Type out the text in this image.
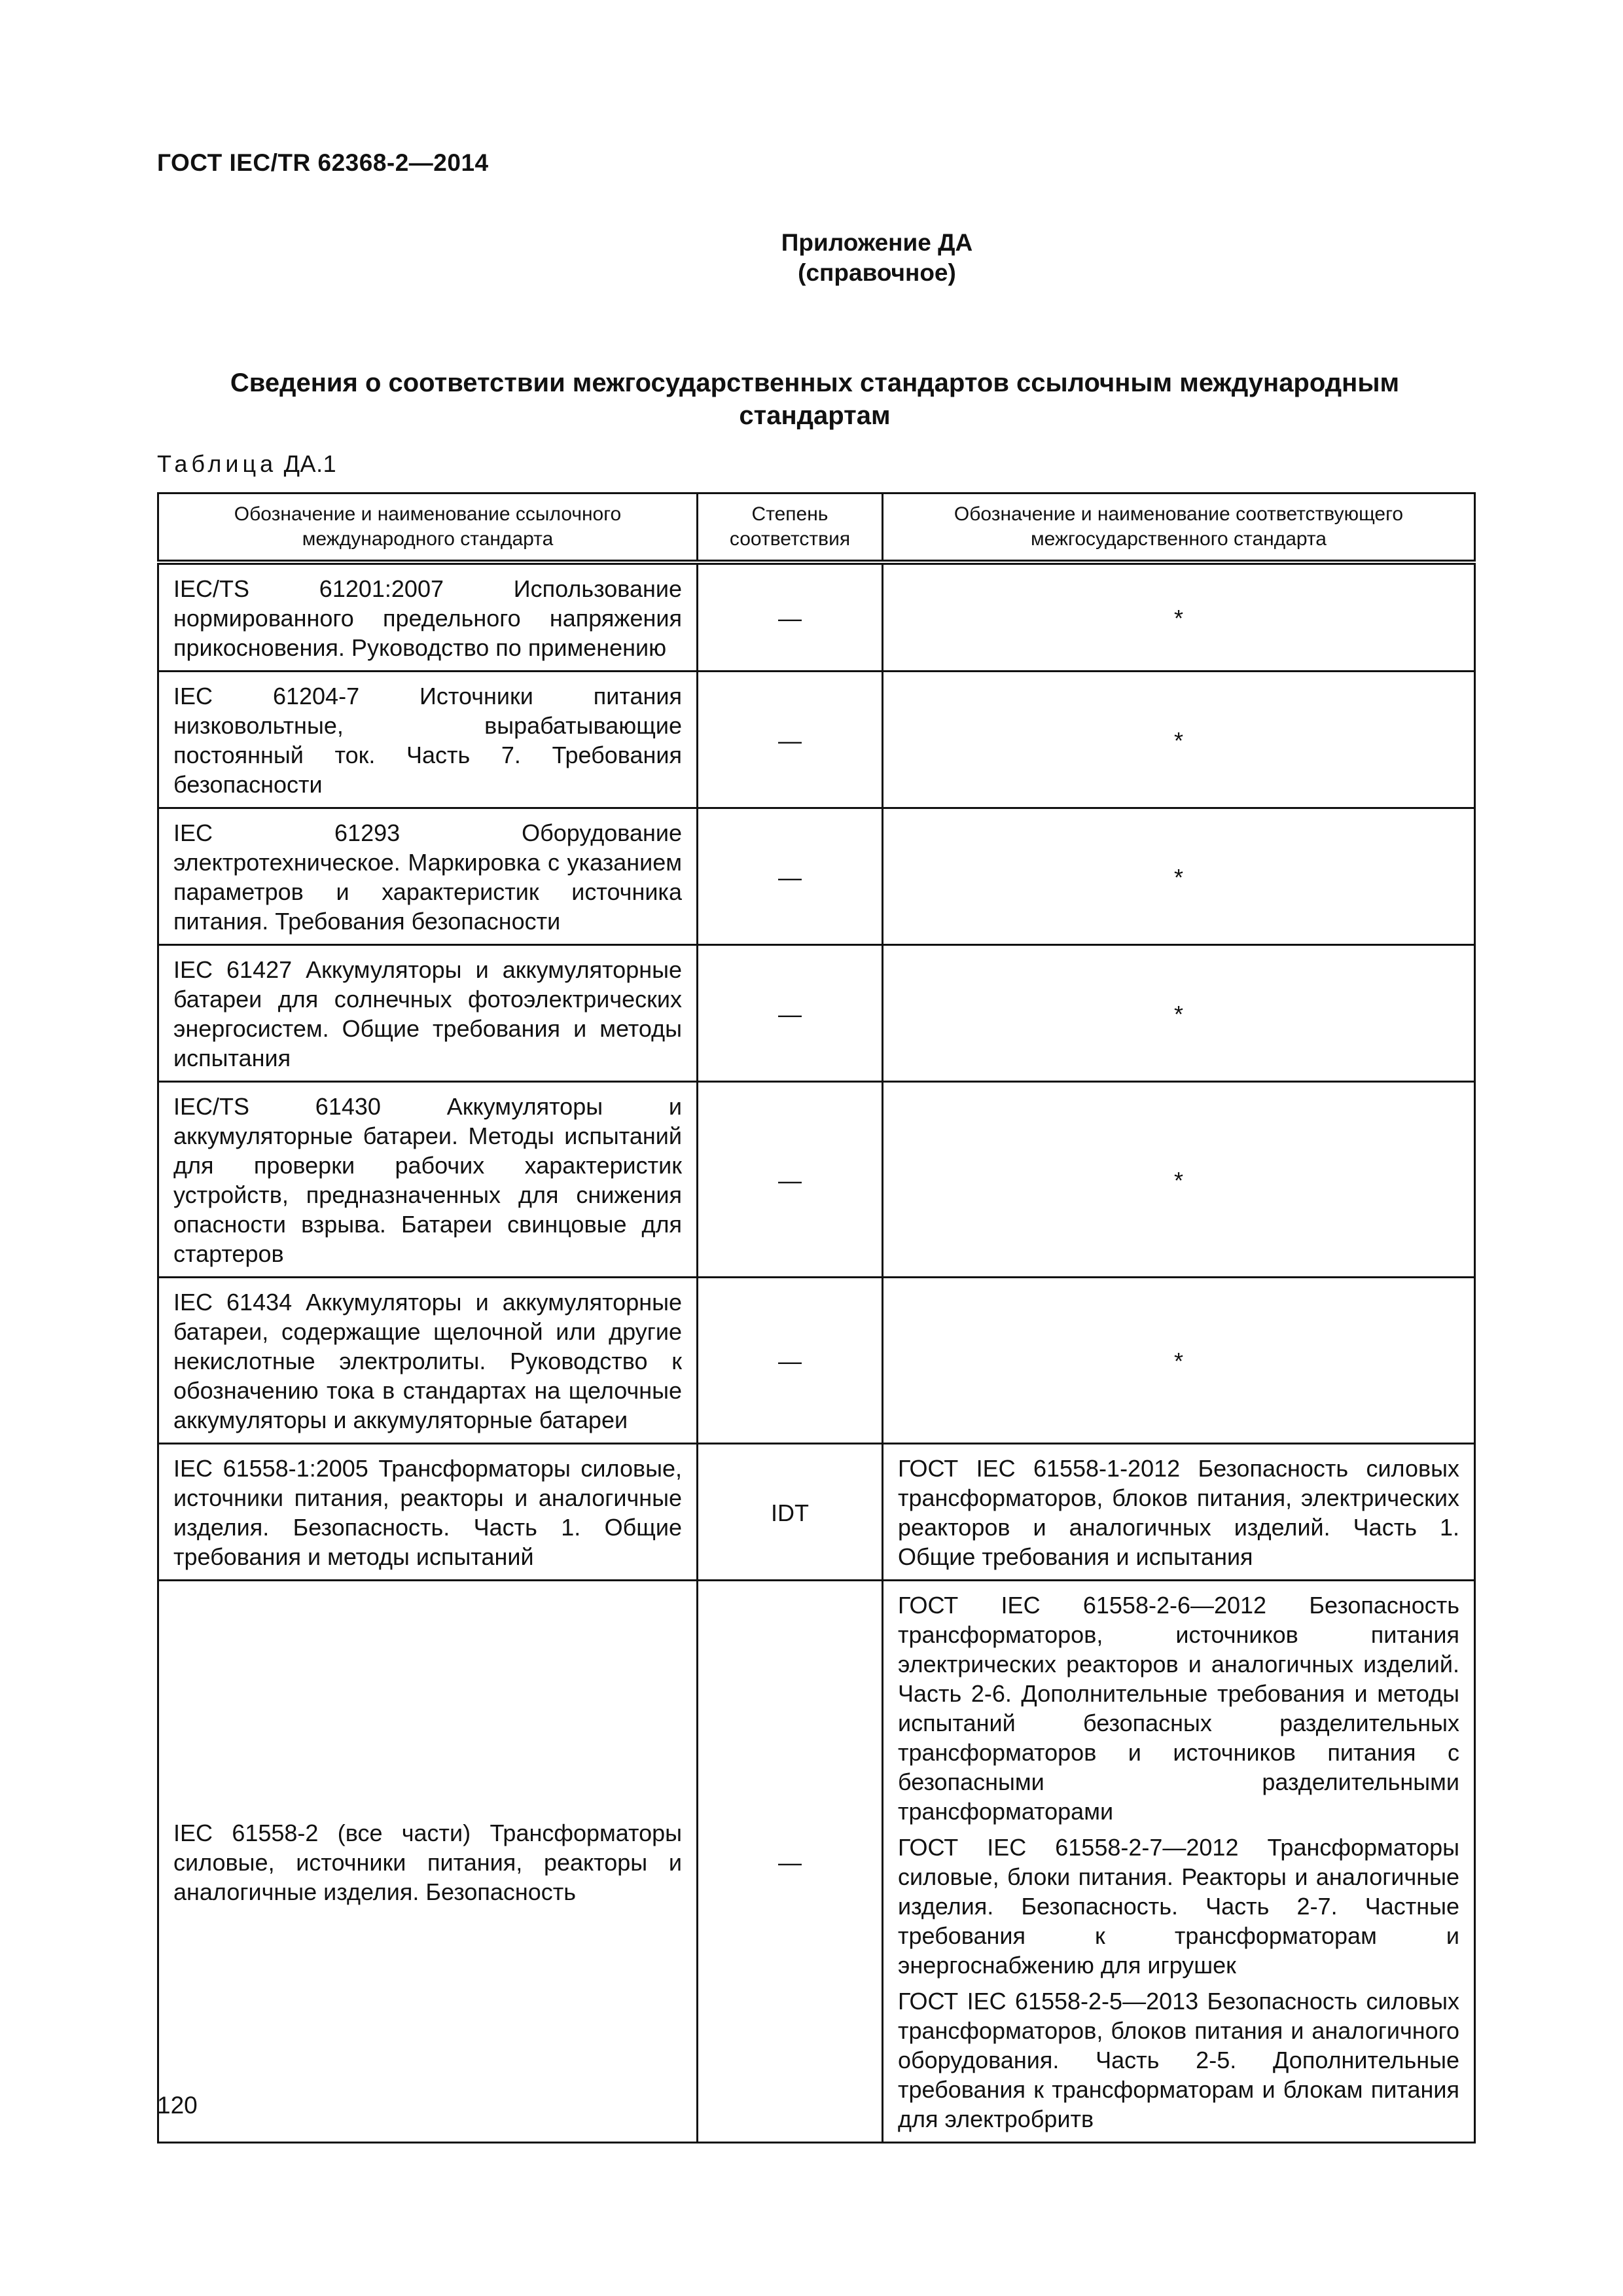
ГОСТ IEC/TR 62368-2—2014
Приложение ДА
(справочное)
Сведения о соответствии межгосударственных стандартов ссылочным международным стандартам
Таблица ДА.1
Обозначение и наименование ссылочного международного стандарта	Степень соответствия	Обозначение и наименование соответствующего межгосударственного стандарта
IEC/TS 61201:2007 Использование нормированного предельного напряжения прикосновения. Руководство по применению	—	*
IEC 61204-7 Источники питания низковольтные, вырабатывающие постоянный ток. Часть 7. Требования безопасности	—	*
IEC 61293 Оборудование электротехническое. Маркировка с указанием параметров и характеристик источника питания. Требования безопасности	—	*
IEC 61427 Аккумуляторы и аккумуляторные батареи для солнечных фотоэлектрических энергосистем. Общие требования и методы испытания	—	*
IEC/TS 61430 Аккумуляторы и аккумуляторные батареи. Методы испытаний для проверки рабочих характеристик устройств, предназначенных для снижения опасности взрыва. Батареи свинцовые для стартеров	—	*
IEC 61434 Аккумуляторы и аккумуляторные батареи, содержащие щелочной или другие некислотные электролиты. Руководство к обозначению тока в стандартах на щелочные аккумуляторы и аккумуляторные батареи	—	*
IEC 61558-1:2005 Трансформаторы силовые, источники питания, реакторы и аналогичные изделия. Безопасность. Часть 1. Общие требования и методы испытаний	IDT	ГОСТ IEC 61558-1-2012 Безопасность силовых трансформаторов, блоков питания, электрических реакторов и аналогичных изделий. Часть 1. Общие требования и испытания

IEC 61558-2 (все части) Трансформаторы силовые, источники питания, реакторы и аналогичные изделия. Безопасность	—	ГОСТ IEC 61558-2-6—2012 Безопасность трансформаторов, источников питания электрических реакторов и аналогичных изделий. Часть 2-6. Дополнительные требования и методы испытаний безопасных разделительных трансформаторов и источников питания с безопасными разделительными трансформаторами
ГОСТ IEC 61558-2-7—2012 Трансформаторы силовые, блоки питания. Реакторы и аналогичные изделия. Безопасность. Часть 2-7. Частные требования к трансформаторам и энергоснабжению для игрушек
ГОСТ IEC 61558-2-5—2013 Безопасность силовых трансформаторов, блоков питания и аналогичного оборудования. Часть 2-5. Дополнительные требования к трансформаторам и блокам питания для электробритв
120
